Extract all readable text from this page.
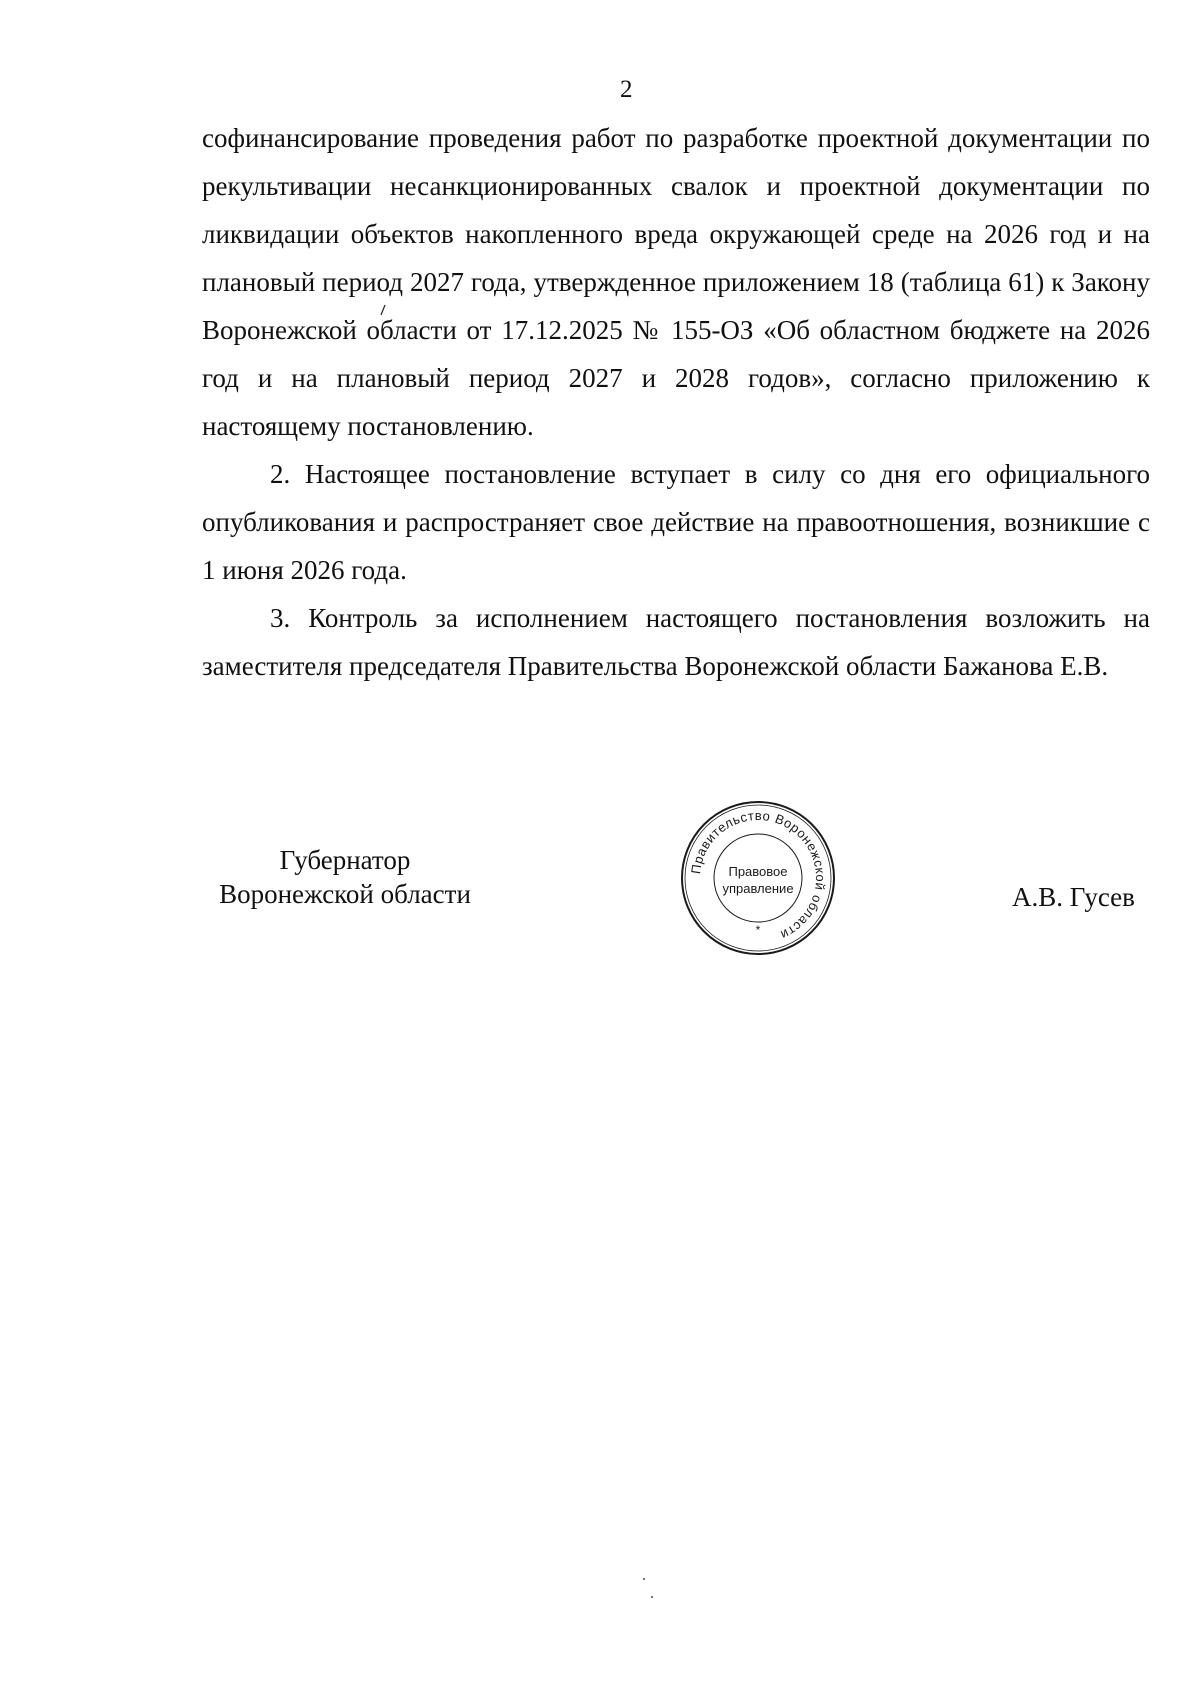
2

софинансирование проведения работ по разработке проектной документации по рекультивации несанкционированных свалок и проектной документации по ликвидации объектов накопленного вреда окружающей среде на 2026 год и на плановый период 2027 года, утвержденное приложением 18 (таблица 61) к Закону Воронежской области от 17.12.2025 № 155-ОЗ «Об областном бюджете на 2026 год и на плановый период 2027 и 2028 годов», согласно приложению к настоящему постановлению.

2. Настоящее постановление вступает в силу со дня его официального опубликования и распространяет свое действие на правоотношения, возникшие с 1 июня 2026 года.

3. Контроль за исполнением настоящего постановления возложить на заместителя председателя Правительства Воронежской области Бажанова Е.В.

Губернатор
Воронежской области
Правительство Воронежской области
Правовое
управление
*
А.В. Гусев
